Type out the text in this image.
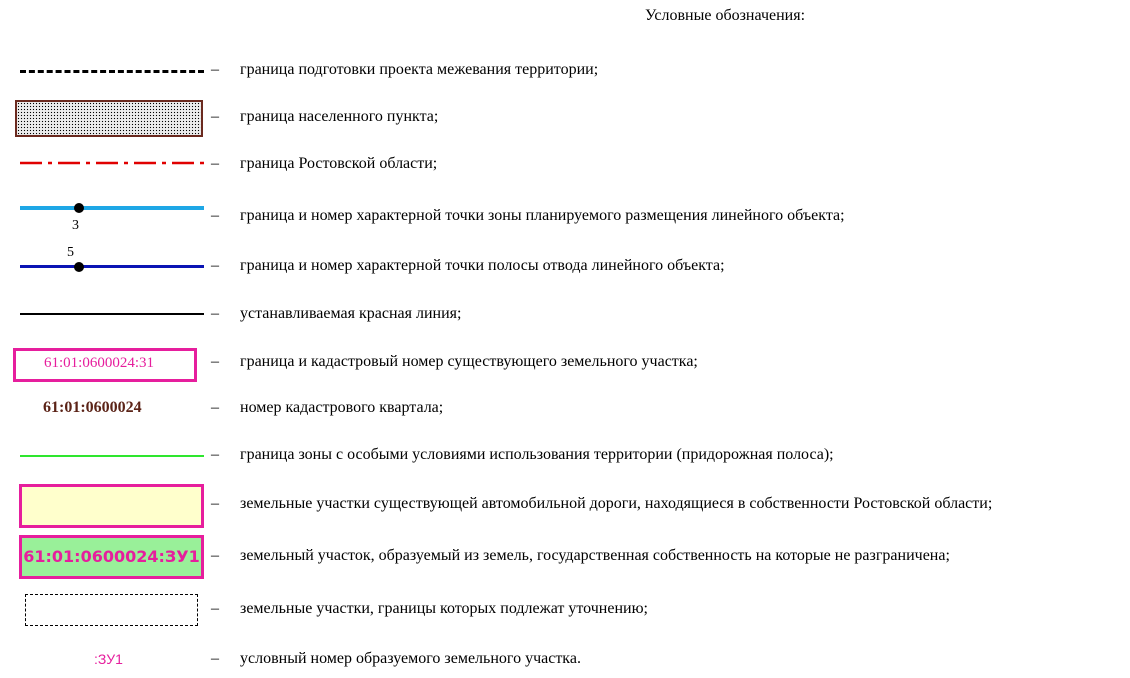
Условные обозначения:
– граница подготовки проекта межевания территории;
– граница населенного пункта;
– граница Ростовской области;
3
– граница и номер характерной точки зоны планируемого размещения линейного объекта;
5
– граница и номер характерной точки полосы отвода линейного объекта;
– устанавливаемая красная линия;
61:01:0600024:31	– граница и кадастровый номер существующего земельного участка;
61:01:0600024	– номер кадастрового квартала;
– граница зоны с особыми условиями использования территории (придорожная полоса);
– земельные участки существующей автомобильной дороги, находящиеся в собственности Ростовской области;
61:01:0600024:ЗУ1 – земельный участок, образуемый из земель, государственная собственность на которые не разграничена;
– земельные участки, границы которых подлежат уточнению;
:ЗУ1	– условный номер образуемого земельного участка.
